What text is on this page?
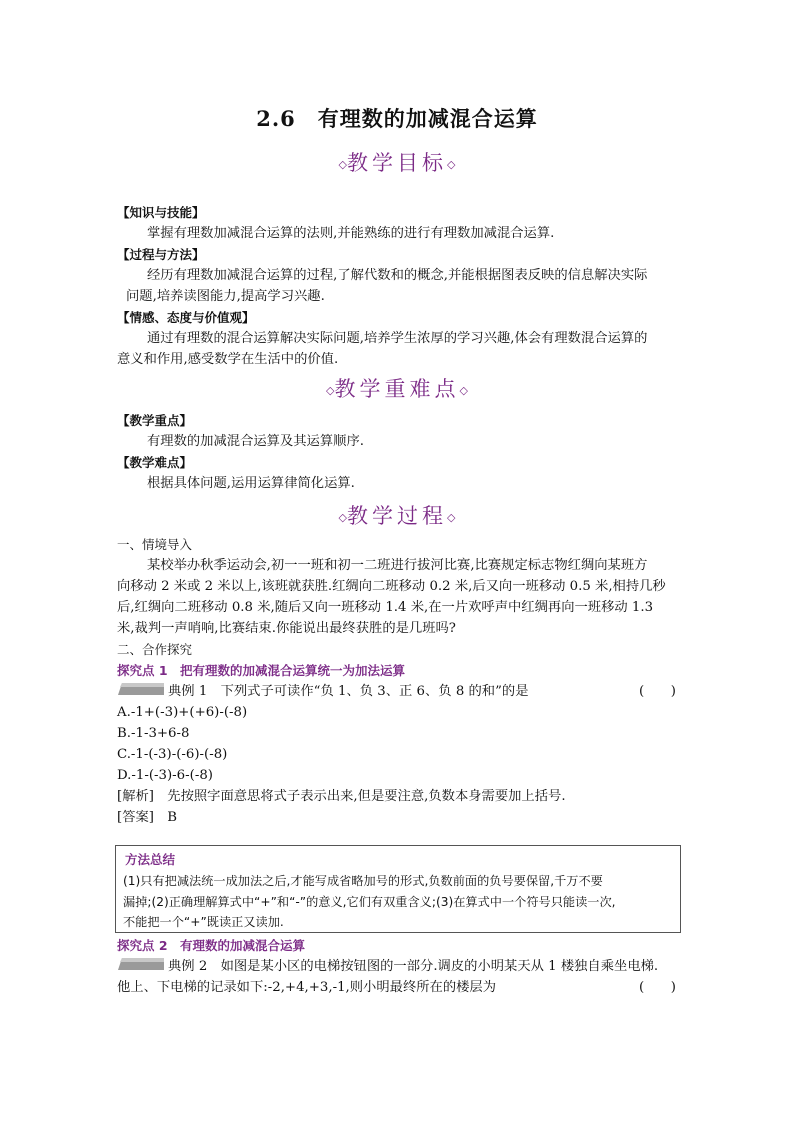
2.6　有理数的加减混合运算
◇教学目标◇
【知识与技能】
掌握有理数加减混合运算的法则,并能熟练的进行有理数加减混合运算.
【过程与方法】
经历有理数加减混合运算的过程,了解代数和的概念,并能根据图表反映的信息解决实际
问题,培养读图能力,提高学习兴趣.
【情感、态度与价值观】
通过有理数的混合运算解决实际问题,培养学生浓厚的学习兴趣,体会有理数混合运算的
意义和作用,感受数学在生活中的价值.
◇教学重难点◇
【教学重点】
有理数的加减混合运算及其运算顺序.
【教学难点】
根据具体问题,运用运算律简化运算.
◇教学过程◇
一、情境导入
某校举办秋季运动会,初一一班和初一二班进行拔河比赛,比赛规定标志物红绸向某班方
向移动 2 米或 2 米以上,该班就获胜.红绸向二班移动 0.2 米,后又向一班移动 0.5 米,相持几秒
后,红绸向二班移动 0.8 米,随后又向一班移动 1.4 米,在一片欢呼声中红绸再向一班移动 1.3
米,裁判一声哨响,比赛结束.你能说出最终获胜的是几班吗?
二、合作探究
探究点 1　把有理数的加减混合运算统一为加法运算
典例 1　下列式子可读作“负 1、负 3、正 6、负 8 的和”的是	(　　)
A.-1+(-3)+(+6)-(-8)
B.-1-3+6-8
C.-1-(-3)-(-6)-(-8)
D.-1-(-3)-6-(-8)
[解析]　先按照字面意思将式子表示出来,但是要注意,负数本身需要加上括号.
[答案]　B
方法总结
(1)只有把减法统一成加法之后,才能写成省略加号的形式,负数前面的负号要保留,千万不要
漏掉;(2)正确理解算式中“+”和“-”的意义,它们有双重含义;(3)在算式中一个符号只能读一次,
不能把一个“+”既读正又读加.
探究点 2　有理数的加减混合运算
典例 2　如图是某小区的电梯按钮图的一部分.调皮的小明某天从 1 楼独自乘坐电梯.
他上、下电梯的记录如下:-2,+4,+3,-1,则小明最终所在的楼层为	(　　)
